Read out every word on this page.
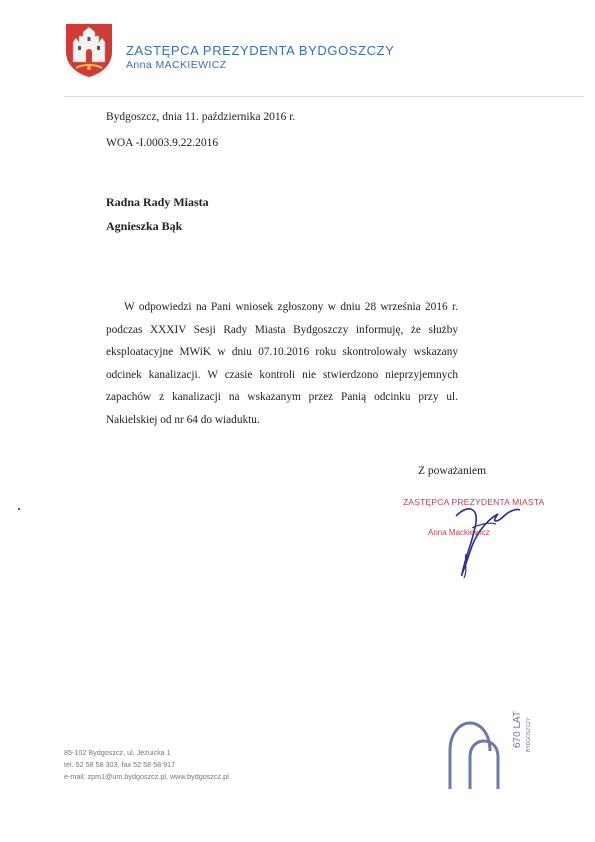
ZASTĘPCA PREZYDENTA BYDGOSZCZY
Anna MACKIEWICZ
Bydgoszcz, dnia 11. października 2016 r.
WOA -I.0003.9.22.2016
Radna Rady Miasta
Agnieszka Bąk
W odpowiedzi na Pani wniosek zgłoszony w dniu 28 września 2016 r. podczas XXXIV Sesji Rady Miasta Bydgoszczy informuję, że służby eksploatacyjne MWiK w dniu 07.10.2016 roku skontrolowały wskazany odcinek kanalizacji. W czasie kontroli nie stwierdzono nieprzyjemnych zapachów z kanalizacji na wskazanym przez Panią odcinku przy ul. Nakielskiej od nr 64 do wiaduktu.
Z poważaniem
ZASTĘPCA PREZYDENTA MIASTA
Anna Mackiewicz
85-102 Bydgoszcz, ul. Jezuicka 1
tel. 52 58 58 303, fax 52 58 58 917
e-mail: zpm1@um.bydgoszcz.pl, www.bydgoszcz.pl
670 LAT BYDGOSZCZY
